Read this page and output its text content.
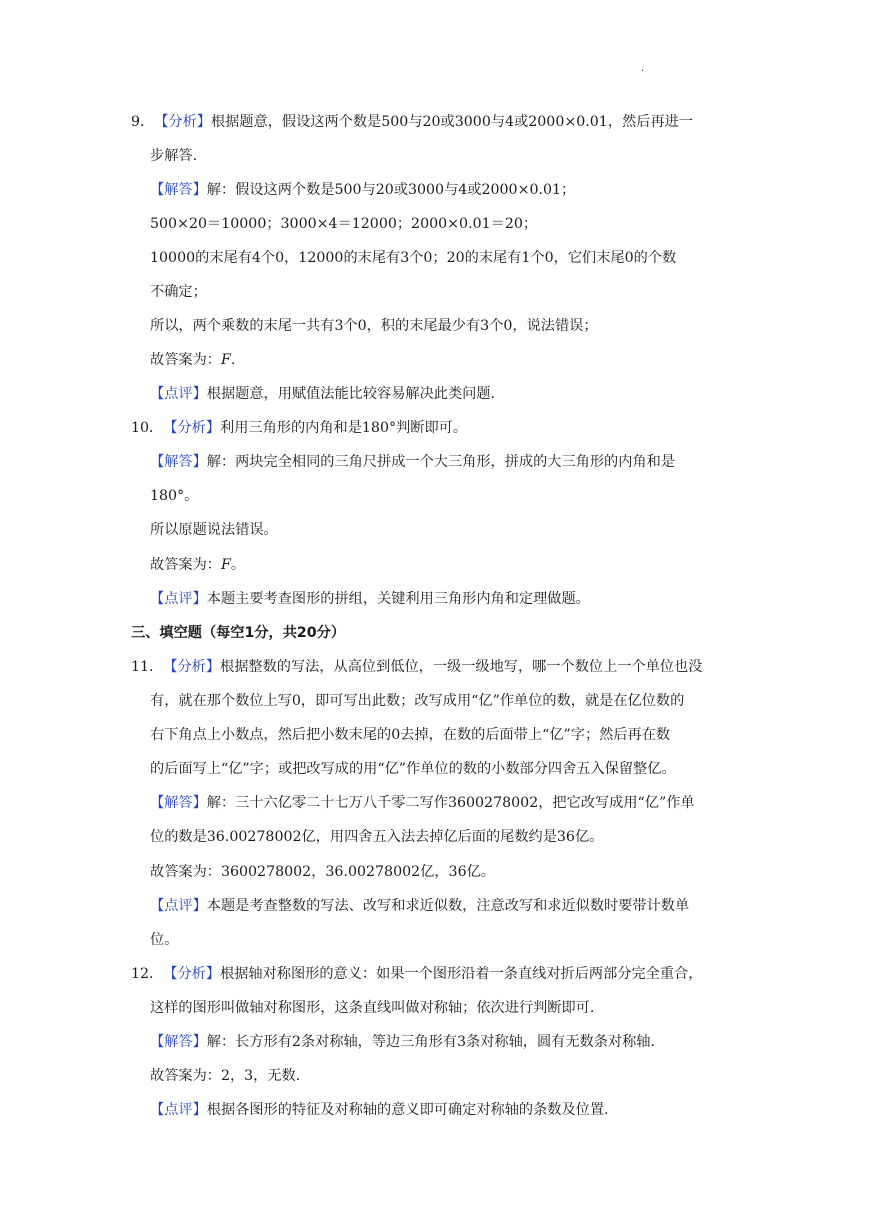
.
9．【分析】根据题意，假设这两个数是500与20或3000与4或2000×0.01，然后再进一
步解答.
【解答】解：假设这两个数是500与20或3000与4或2000×0.01；
500×20＝10000；3000×4＝12000；2000×0.01＝20；
10000的末尾有4个0，12000的末尾有3个0；20的末尾有1个0，它们末尾0的个数
不确定；
所以，两个乘数的末尾一共有3个0，积的末尾最少有3个0，说法错误；
故答案为：F.
【点评】根据题意，用赋值法能比较容易解决此类问题.
10．【分析】利用三角形的内角和是180°判断即可。
【解答】解：两块完全相同的三角尺拼成一个大三角形，拼成的大三角形的内角和是
180°。
所以原题说法错误。
故答案为：F。
【点评】本题主要考查图形的拼组，关键利用三角形内角和定理做题。
三、填空题（每空1分，共20分）
11．【分析】根据整数的写法，从高位到低位，一级一级地写，哪一个数位上一个单位也没
有，就在那个数位上写0，即可写出此数；改写成用“亿”作单位的数，就是在亿位数的
右下角点上小数点，然后把小数末尾的0去掉，在数的后面带上“亿”字；然后再在数
的后面写上“亿”字；或把改写成的用“亿”作单位的数的小数部分四舍五入保留整亿。
【解答】解：三十六亿零二十七万八千零二写作3600278002，把它改写成用“亿”作单
位的数是36.00278002亿，用四舍五入法去掉亿后面的尾数约是36亿。
故答案为：3600278002，36.00278002亿，36亿。
【点评】本题是考查整数的写法、改写和求近似数，注意改写和求近似数时要带计数单
位。
12．【分析】根据轴对称图形的意义：如果一个图形沿着一条直线对折后两部分完全重合，
这样的图形叫做轴对称图形，这条直线叫做对称轴；依次进行判断即可.
【解答】解：长方形有2条对称轴，等边三角形有3条对称轴，圆有无数条对称轴.
故答案为：2，3，无数.
【点评】根据各图形的特征及对称轴的意义即可确定对称轴的条数及位置.
